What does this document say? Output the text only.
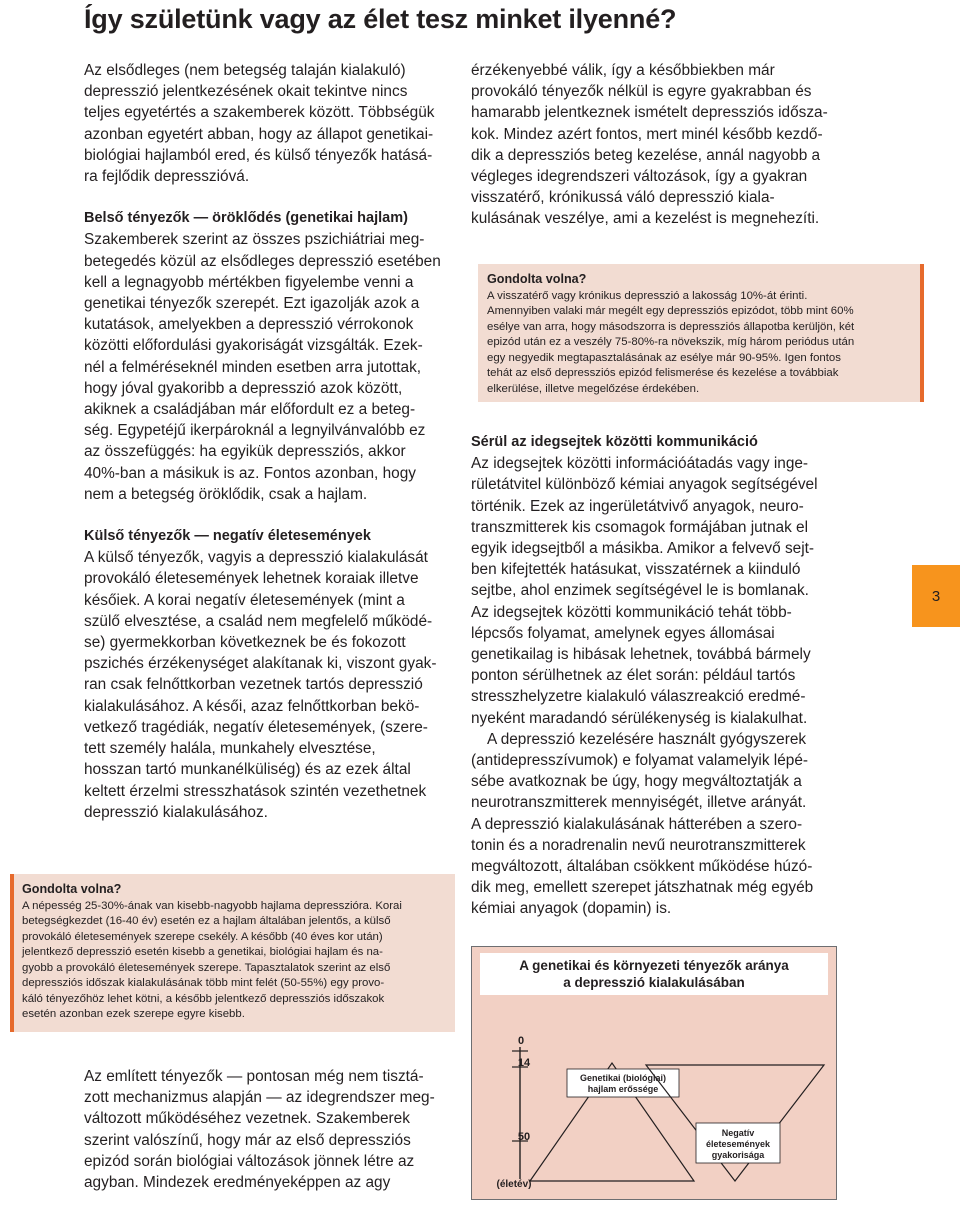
Így születünk vagy az élet tesz minket ilyenné?

Az elsődleges (nem betegség talaján kialakuló)

depresszió jelentkezésének okait tekintve nincs

teljes egyetértés a szakemberek között. Többségük

azonban egyetért abban, hogy az állapot genetikai-

biológiai hajlamból ered, és külső tényezők hatásá-

ra fejlődik depresszióvá.

Belső tényezők — öröklődés (genetikai hajlam)

Szakemberek szerint az összes pszichiátriai meg-

betegedés közül az elsődleges depresszió esetében

kell a legnagyobb mértékben figyelembe venni a

genetikai tényezők szerepét. Ezt igazolják azok a

kutatások, amelyekben a depresszió vérrokonok

közötti előfordulási gyakoriságát vizsgálták. Ezek-

nél a felméréseknél minden esetben arra jutottak,

hogy jóval gyakoribb a depresszió azok között,

akiknek a családjában már előfordult ez a beteg-

ség. Egypetéjű ikerpároknál a legnyilvánvalóbb ez

az összefüggés: ha egyikük depressziós, akkor

40%-ban a másikuk is az. Fontos azonban, hogy

nem a betegség öröklődik, csak a hajlam.

Külső tényezők — negatív életesemények

A külső tényezők, vagyis a depresszió kialakulását

provokáló életesemények lehetnek koraiak illetve

későiek. A korai negatív életesemények (mint a

szülő elvesztése, a család nem megfelelő működé-

se) gyermekkorban következnek be és fokozott

pszichés érzékenységet alakítanak ki, viszont gyak-

ran csak felnőttkorban vezetnek tartós depresszió

kialakulásához. A késői, azaz felnőttkorban bekö-

vetkező tragédiák, negatív életesemények, (szere-

tett személy halála, munkahely elvesztése,

hosszan tartó munkanélküliség) és az ezek által

keltett érzelmi stresszhatások szintén vezethetnek

depresszió kialakulásához.

Gondolta volna?

A népesség 25-30%-ának van kisebb-nagyobb hajlama depresszióra. Korai

betegségkezdet (16-40 év) esetén ez a hajlam általában jelentős, a külső

provokáló életesemények szerepe csekély. A később (40 éves kor után)

jelentkező depresszió esetén kisebb a genetikai, biológiai hajlam és na-

gyobb a provokáló életesemények szerepe. Tapasztalatok szerint az első

depressziós időszak kialakulásának több mint felét (50-55%) egy provo-

káló tényezőhöz lehet kötni, a később jelentkező depressziós időszakok

esetén azonban ezek szerepe egyre kisebb.

Az említett tényezők — pontosan még nem tisztá-

zott mechanizmus alapján — az idegrendszer meg-

változott működéséhez vezetnek. Szakemberek

szerint valószínű, hogy már az első depressziós

epizód során biológiai változások jönnek létre az

agyban. Mindezek eredményeképpen az agy

érzékenyebbé válik, így a későbbiekben már

provokáló tényezők nélkül is egyre gyakrabban és

hamarabb jelentkeznek ismételt depressziós idősza-

kok. Mindez azért fontos, mert minél később kezdő-

dik a depressziós beteg kezelése, annál nagyobb a

végleges idegrendszeri változások, így a gyakran

visszatérő, krónikussá váló depresszió kiala-

kulásának veszélye, ami a kezelést is megnehezíti.

Gondolta volna?

A visszatérő vagy krónikus depresszió a lakosság 10%-át érinti.

Amennyiben valaki már megélt egy depressziós epizódot, több mint 60%

esélye van arra, hogy másodszorra is depressziós állapotba kerüljön, két

epizód után ez a veszély 75-80%-ra növekszik, míg három periódus után

egy negyedik megtapasztalásának az esélye már 90-95%. Igen fontos

tehát az első depressziós epizód felismerése és kezelése a továbbiak

elkerülése, illetve megelőzése érdekében.

Sérül az idegsejtek közötti kommunikáció

Az idegsejtek közötti információátadás vagy inge-

rületátvitel különböző kémiai anyagok segítségével

történik. Ezek az ingerületátvivő anyagok, neuro-

transzmitterek kis csomagok formájában jutnak el

egyik idegsejtből a másikba. Amikor a felvevő sejt-

ben kifejtették hatásukat, visszatérnek a kiinduló

sejtbe, ahol enzimek segítségével le is bomlanak.

Az idegsejtek közötti kommunikáció tehát több-

lépcsős folyamat, amelynek egyes állomásai

genetikailag is hibásak lehetnek, továbbá bármely

ponton sérülhetnek az élet során: például tartós

stresszhelyzetre kialakuló válaszreakció eredmé-

nyeként maradandó sérülékenység is kialakulhat.

A depresszió kezelésére használt gyógyszerek

(antidepresszívumok) e folyamat valamelyik lépé-

sébe avatkoznak be úgy, hogy megváltoztatják a

neurotranszmitterek mennyiségét, illetve arányát.

A depresszió kialakulásának hátterében a szero-

tonin és a noradrenalin nevű neurotranszmitterek

megváltozott, általában csökkent működése húzó-

dik meg, emellett szerepet játszhatnak még egyéb

kémiai anyagok (dopamin) is.

3
A genetikai és környezeti tényezők aránya
a depresszió kialakulásában
0
14
50
(életév)
Genetikai (biológiai)
hajlam erőssége
Negatív
életesemények
gyakorisága
